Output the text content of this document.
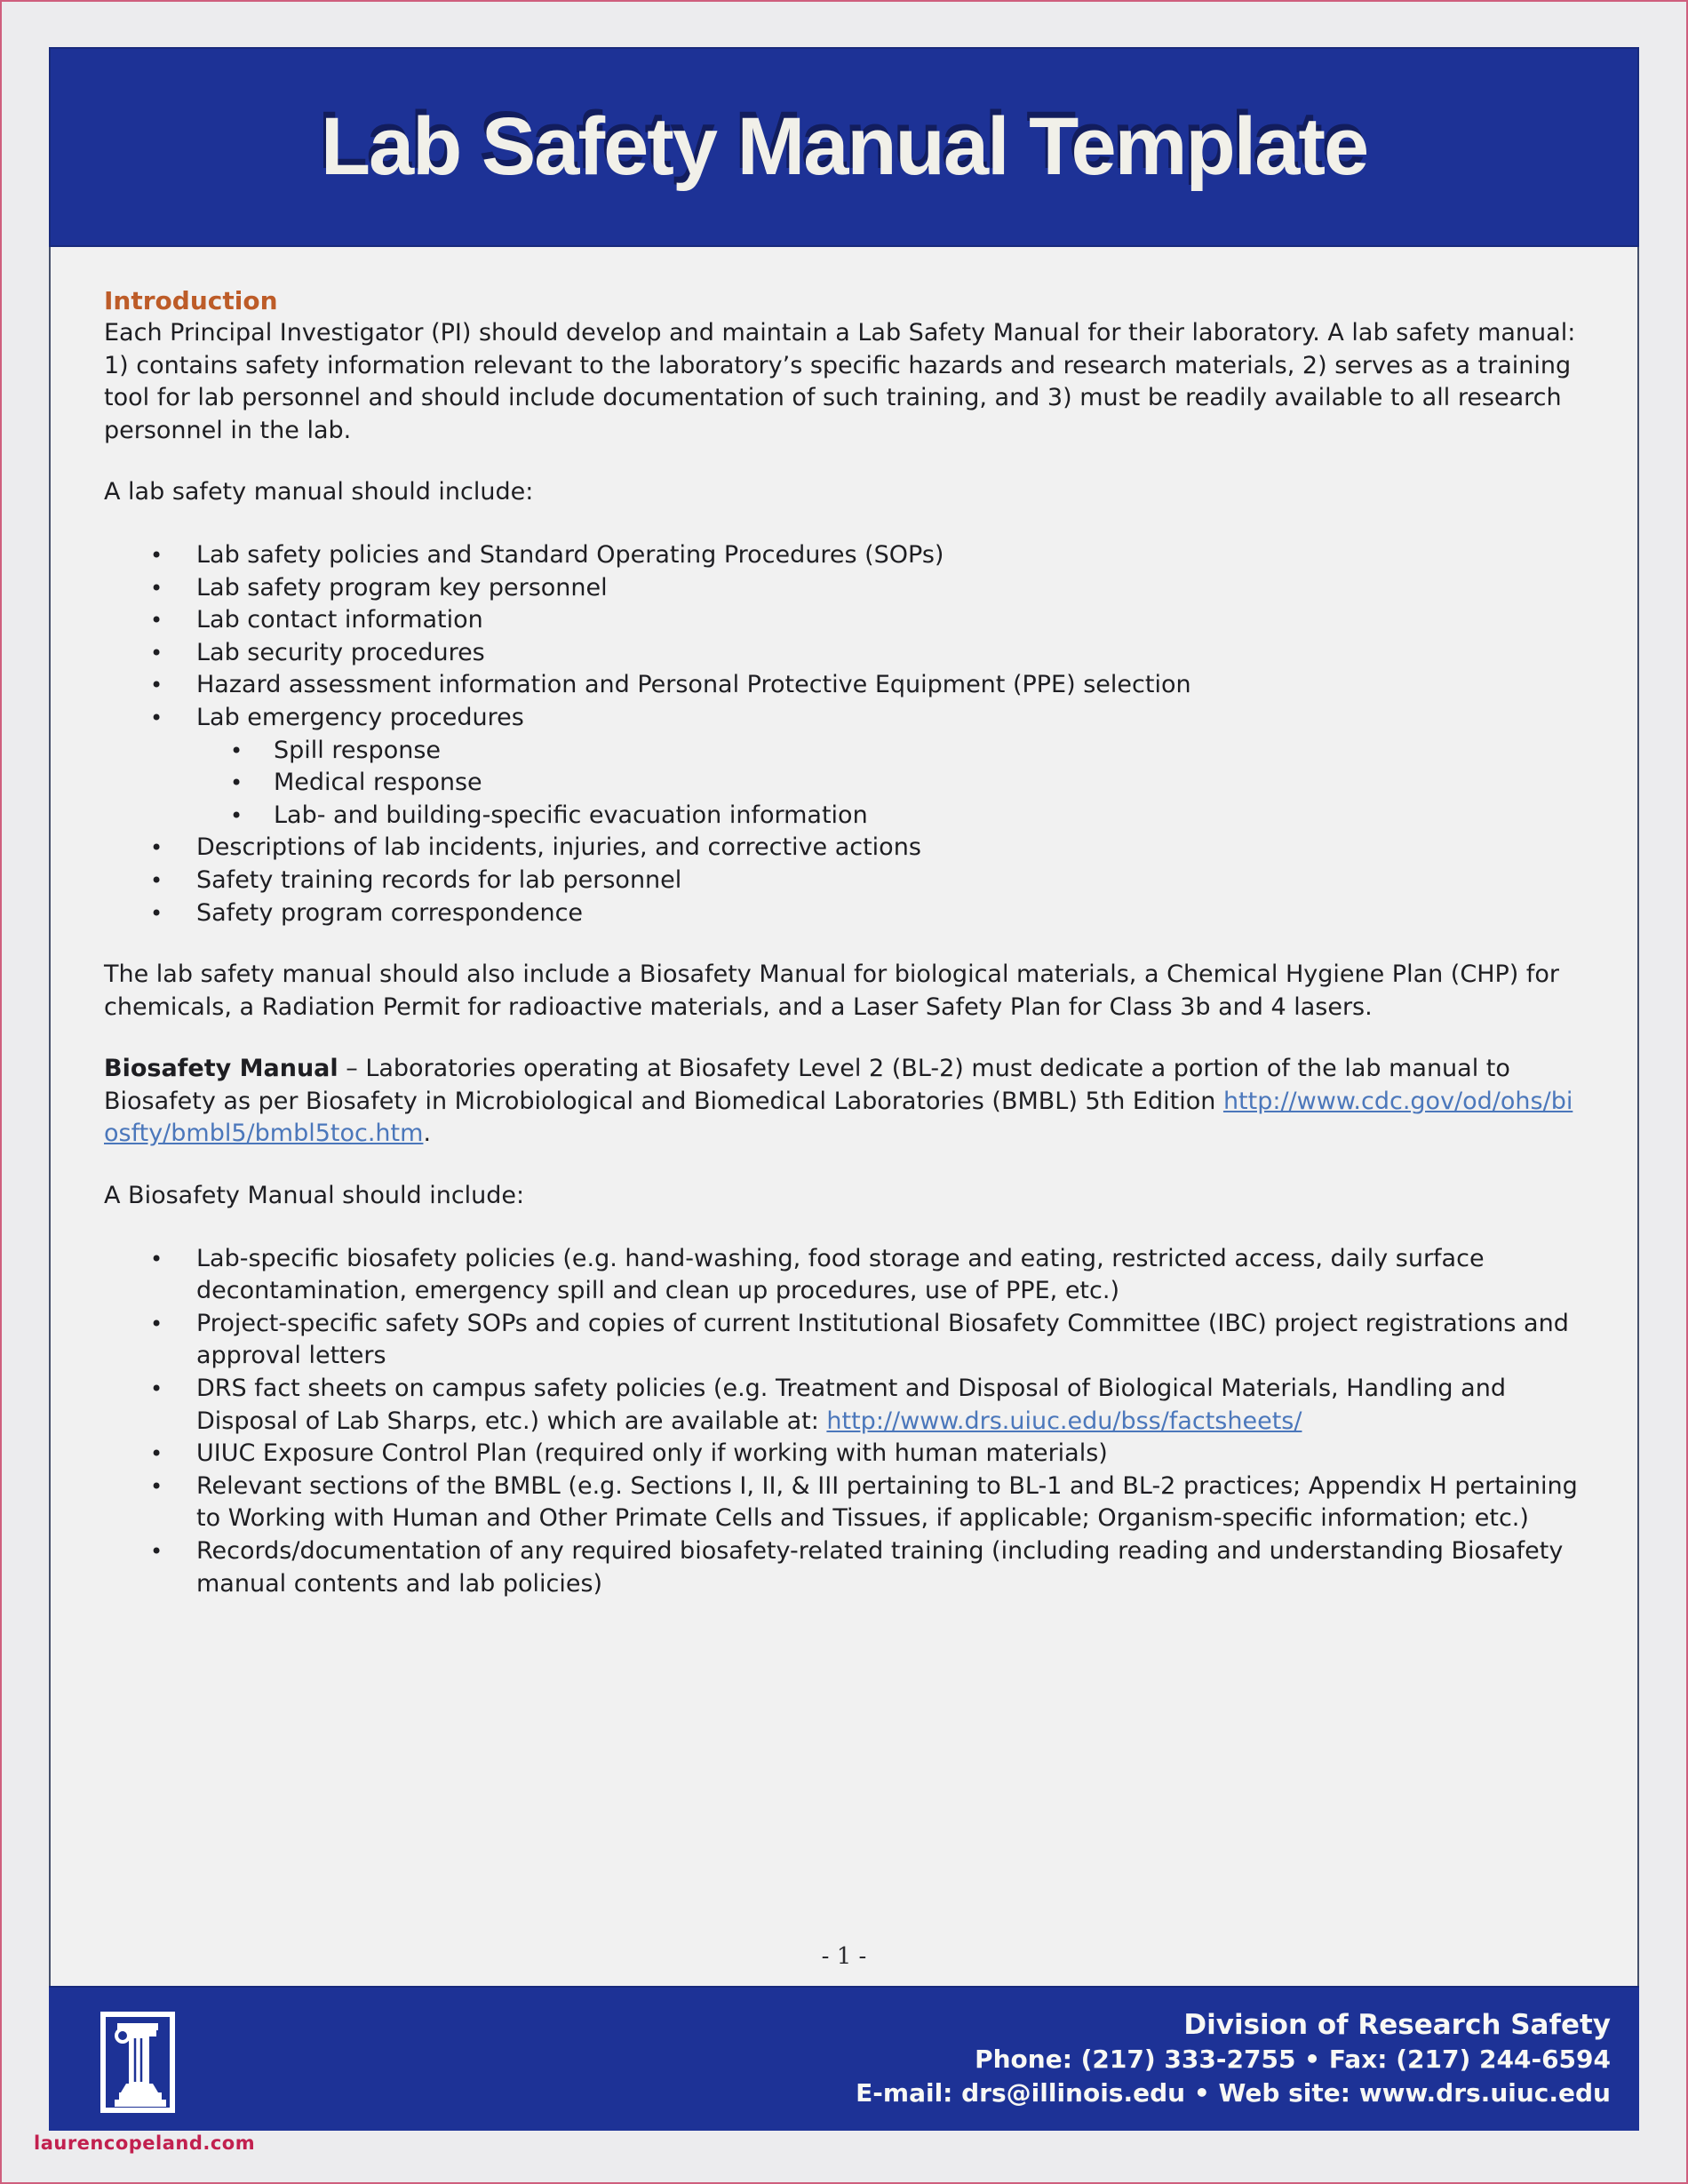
Lab Safety Manual Template
Introduction

Each Principal Investigator (PI) should develop and maintain a Lab Safety Manual for their laboratory. A lab safety manual: 1) contains safety information relevant to the laboratory’s specific hazards and research materials, 2) serves as a training tool for lab personnel and should include documentation of such training, and 3) must be readily available to all research personnel in the lab.

A lab safety manual should include:

•	Lab safety policies and Standard Operating Procedures (SOPs)
•	Lab safety program key personnel
•	Lab contact information
•	Lab security procedures
•	Hazard assessment information and Personal Protective Equipment (PPE) selection
•	Lab emergency procedures
•	Spill response
•	Medical response
•	Lab- and building-specific evacuation information
•	Descriptions of lab incidents, injuries, and corrective actions
•	Safety training records for lab personnel
•	Safety program correspondence

The lab safety manual should also include a Biosafety Manual for biological materials, a Chemical Hygiene Plan (CHP) for chemicals, a Radiation Permit for radioactive materials, and a Laser Safety Plan for Class 3b and 4 lasers.

Biosafety Manual – Laboratories operating at Biosafety Level 2 (BL-2) must dedicate a portion of the lab manual to Biosafety as per Biosafety in Microbiological and Biomedical Laboratories (BMBL) 5th Edition http://www.cdc.gov/od/ohs/biosfty/bmbl5/bmbl5toc.htm.

A Biosafety Manual should include:

•	Lab-specific biosafety policies (e.g. hand-washing, food storage and eating, restricted access, daily surface decontamination, emergency spill and clean up procedures, use of PPE, etc.)
•	Project-specific safety SOPs and copies of current Institutional Biosafety Committee (IBC) project registrations and approval letters
•	DRS fact sheets on campus safety policies (e.g. Treatment and Disposal of Biological Materials, Handling and Disposal of Lab Sharps, etc.) which are available at: http://www.drs.uiuc.edu/bss/factsheets/
•	UIUC Exposure Control Plan (required only if working with human materials)
•	Relevant sections of the BMBL (e.g. Sections I, II, & III pertaining to BL-1 and BL-2 practices; Appendix H pertaining to Working with Human and Other Primate Cells and Tissues, if applicable; Organism-specific information; etc.)
•	Records/documentation of any required biosafety-related training (including reading and understanding Biosafety manual contents and lab policies)
- 1 -
Division of Research Safety
Phone: (217) 333-2755 • Fax: (217) 244-6594
E-mail: drs@illinois.edu • Web site: www.drs.uiuc.edu
laurencopeland.com
